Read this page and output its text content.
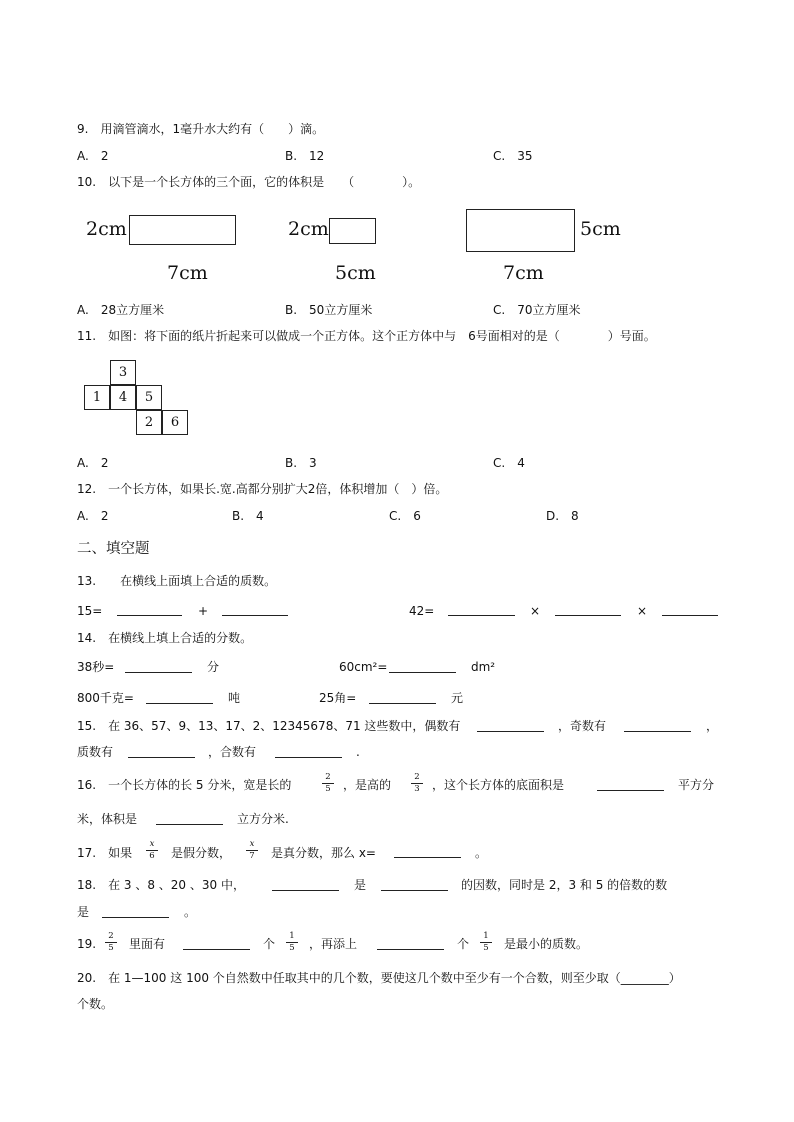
9.　用滴管滴水，1毫升水大约有（　　）滴。
A.　2	B.　12	C.　35
10.　以下是一个长方体的三个面，它的体积是　　（　　　　）。
2cm
7cm
2cm
5cm
5cm
7cm
A.　28立方厘米	B.　50立方厘米	C.　70立方厘米
11.　如图：将下面的纸片折起来可以做成一个正方体。这个正方体中与　6号面相对的是（　　　　）号面。
3
1	4	5
2	6
A.　2	B.　3	C.　4
12.　一个长方体，如果长.宽.高都分别扩大2倍，体积增加（　）倍。
A.　2	B.　4	C.　6	D.　8
二、填空题
13.　　在横线上面填上合适的质数。
15=	+	42=	×	×
14.　在横线上填上合适的分数。
38秒=	分	60cm²=	dm²
800千克=	吨	25角=	元
15.　在 36、57、9、13、17、2、12345678、71 这些数中，偶数有	，奇数有	，
质数有	，合数有	.
16.　一个长方体的长 5 分米，宽是长的
2
5	，是高的
2
3	，这个长方体的底面积是	平方分
米，体积是	立方分米.
17.　如果
x
6	是假分数，
x
7	是真分数，那么 x=	。
18.　在 3 、8 、20 、30 中，	是	的因数，同时是 2，3 和 5 的倍数的数
是	。
19.
2
5	里面有	个
1
5	，再添上	个
1
5	是最小的质数。
20.　在 1—100 这 100 个自然数中任取其中的几个数，要使这几个数中至少有一个合数，则至少取（________）
个数。
